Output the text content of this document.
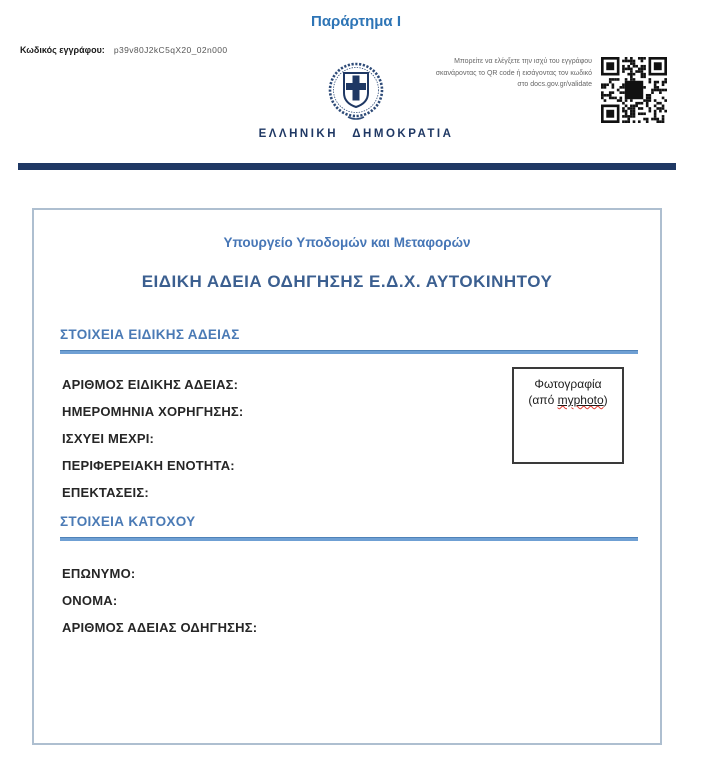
Παράρτημα I
Κωδικός εγγράφου: p39v80J2kC5qX20_02n000
ΕΛΛΗΝΙΚΗ ΔΗΜΟΚΡΑΤΙΑ
Μπορείτε να ελέγξετε την ισχύ του εγγράφου
σκανάροντας το QR code ή εισάγοντας τον κωδικό
στο docs.gov.gr/validate
Υπουργείο Υποδομών και Μεταφορών
ΕΙΔΙΚΗ ΑΔΕΙΑ ΟΔΗΓΗΣΗΣ Ε.Δ.Χ. ΑΥΤΟΚΙΝΗΤΟΥ
ΣΤΟΙΧΕΙΑ ΕΙΔΙΚΗΣ ΑΔΕΙΑΣ
ΑΡΙΘΜΟΣ ΕΙΔΙΚΗΣ ΑΔΕΙΑΣ:
ΗΜΕΡΟΜΗΝΙΑ ΧΟΡΗΓΗΣΗΣ:
ΙΣΧΥΕΙ ΜΕΧΡΙ:
ΠΕΡΙΦΕΡΕΙΑΚΗ ΕΝΟΤΗΤΑ:
ΕΠΕΚΤΑΣΕΙΣ:
Φωτογραφία
(από myphoto)
ΣΤΟΙΧΕΙΑ ΚΑΤΟΧΟΥ
ΕΠΩΝΥΜΟ:
ΟΝΟΜΑ:
ΑΡΙΘΜΟΣ ΑΔΕΙΑΣ ΟΔΗΓΗΣΗΣ:
